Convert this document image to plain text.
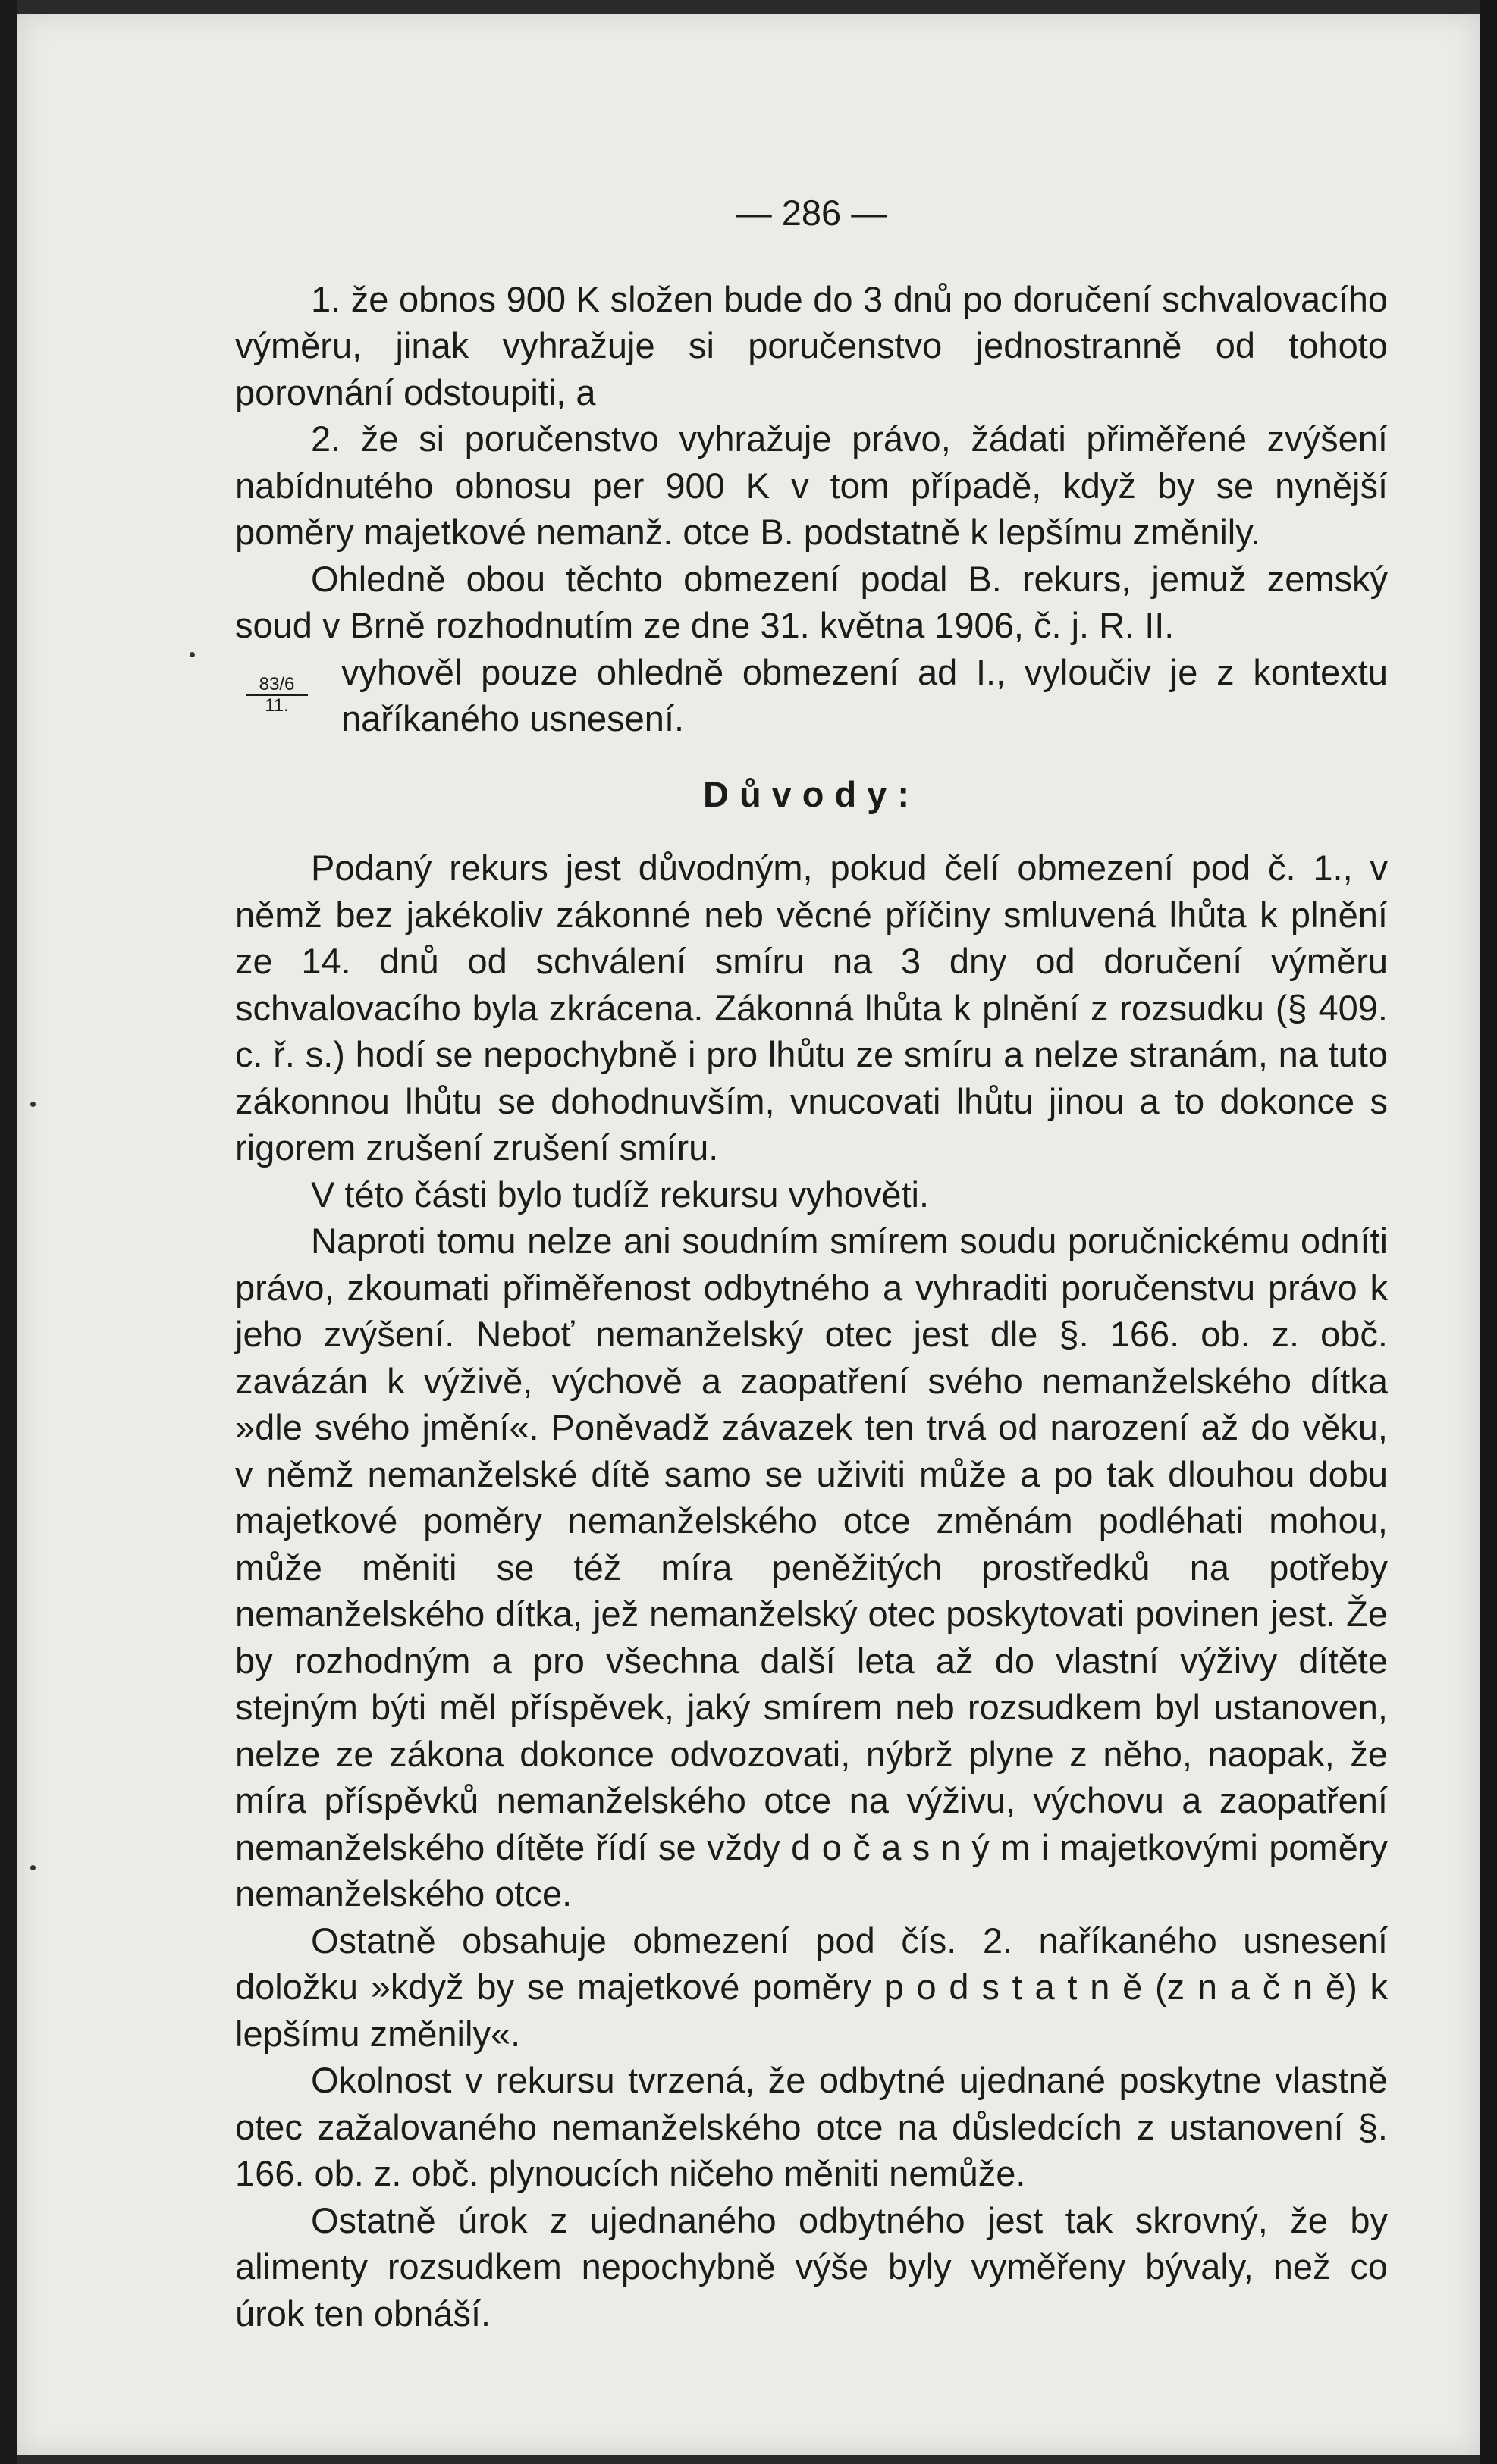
— 286 —

1. že obnos 900 K složen bude do 3 dnů po doručení schvalovacího výměru, jinak vyhražuje si poručenstvo jednostranně od tohoto porovnání odstoupiti, a

2. že si poručenstvo vyhražuje právo, žádati přiměřené zvýšení nabídnutého obnosu per 900 K v tom případě, když by se nynější poměry majetkové nemanž. otce B. podstatně k lepšímu změnily.

Ohledně obou těchto obmezení podal B. rekurs, jemuž zemský soud v Brně rozhodnutím ze dne 31. května 1906, č. j. R. II.

$\frac{83/6}{11.}$
vyhověl pouze ohledně obmezení ad I., vyloučiv je z kontextu naříkaného usnesení.
Důvody:

Podaný rekurs jest důvodným, pokud čelí obmezení pod č. 1., v němž bez jakékoliv zákonné neb věcné příčiny smluvená lhůta k plnění ze 14. dnů od schválení smíru na 3 dny od doručení výměru schvalovacího byla zkrácena. Zákonná lhůta k plnění z rozsudku (§ 409. c. ř. s.) hodí se nepochybně i pro lhůtu ze smíru a nelze stranám, na tuto zákonnou lhůtu se dohodnuvším, vnucovati lhůtu jinou a to dokonce s rigorem zrušení zrušení smíru.

V této části bylo tudíž rekursu vyhověti.

Naproti tomu nelze ani soudním smírem soudu poručnickému odníti právo, zkoumati přiměřenost odbytného a vyhraditi poručenstvu právo k jeho zvýšení. Neboť nemanželský otec jest dle §. 166. ob. z. obč. zavázán k výživě, výchově a zaopatření svého nemanželského dítka »dle svého jmění«. Poněvadž závazek ten trvá od narození až do věku, v němž nemanželské dítě samo se uživiti může a po tak dlouhou dobu majetkové poměry nemanželského otce změnám podléhati mohou, může měniti se též míra peněžitých prostředků na potřeby nemanželského dítka, jež nemanželský otec poskytovati povinen jest. Že by rozhodným a pro všechna další leta až do vlastní výživy dítěte stejným býti měl příspěvek, jaký smírem neb rozsudkem byl ustanoven, nelze ze zákona dokonce odvozovati, nýbrž plyne z něho, naopak, že míra příspěvků nemanželského otce na výživu, výchovu a zaopatření nemanželského dítěte řídí se vždy d o č a s n ý m i majetkovými poměry nemanželského otce.

Ostatně obsahuje obmezení pod čís. 2. naříkaného usnesení doložku »když by se majetkové poměry p o d s t a t n ě (z n a č n ě) k lepšímu změnily«.

Okolnost v rekursu tvrzená, že odbytné ujednané poskytne vlastně otec zažalovaného nemanželského otce na důsledcích z ustanovení §. 166. ob. z. obč. plynoucích ničeho měniti nemůže.

Ostatně úrok z ujednaného odbytného jest tak skrovný, že by alimenty rozsudkem nepochybně výše byly vyměřeny bývaly, než co úrok ten obnáší.
